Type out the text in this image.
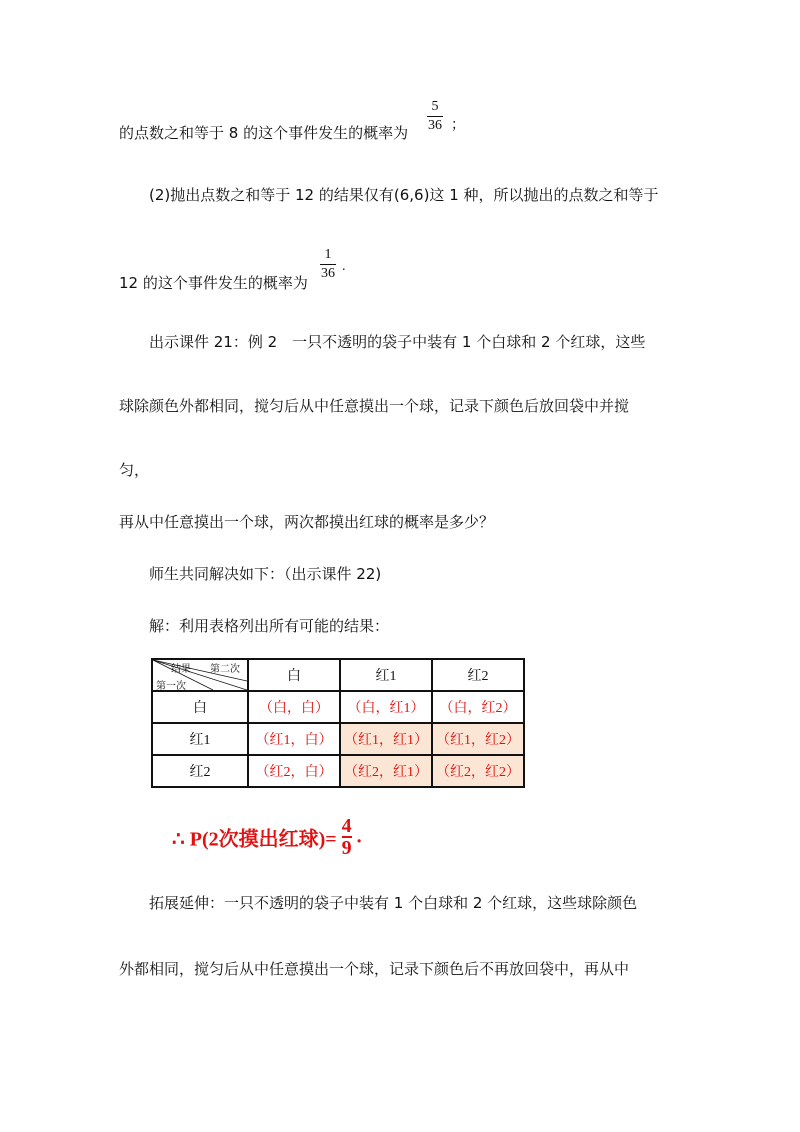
的点数之和等于 8 的这个事件发生的概率为
5
36 ；
(2)抛出点数之和等于 12 的结果仅有(6,6)这 1 种，所以抛出的点数之和等于
12 的这个事件发生的概率为
1
36 .
出示课件 21：例 2　一只不透明的袋子中装有 1 个白球和 2 个红球，这些
球除颜色外都相同，搅匀后从中任意摸出一个球，记录下颜色后放回袋中并搅
匀，
再从中任意摸出一个球，两次都摸出红球的概率是多少？
师生共同解决如下：（出示课件 22)
解：利用表格列出所有可能的结果：
结果 第二次
第一次	白	红1	红2
白	（白，白）	（白，红1）	（白，红2）
红1	（红1，白）	（红1，红1）	（红1，红2）
红2	（红2，白）	（红2，红1）	（红2，红2）
∴ P(2次摸出红球)= $\frac{4}{9}$ .
拓展延伸：一只不透明的袋子中装有 1 个白球和 2 个红球，这些球除颜色
外都相同，搅匀后从中任意摸出一个球，记录下颜色后不再放回袋中，再从中
